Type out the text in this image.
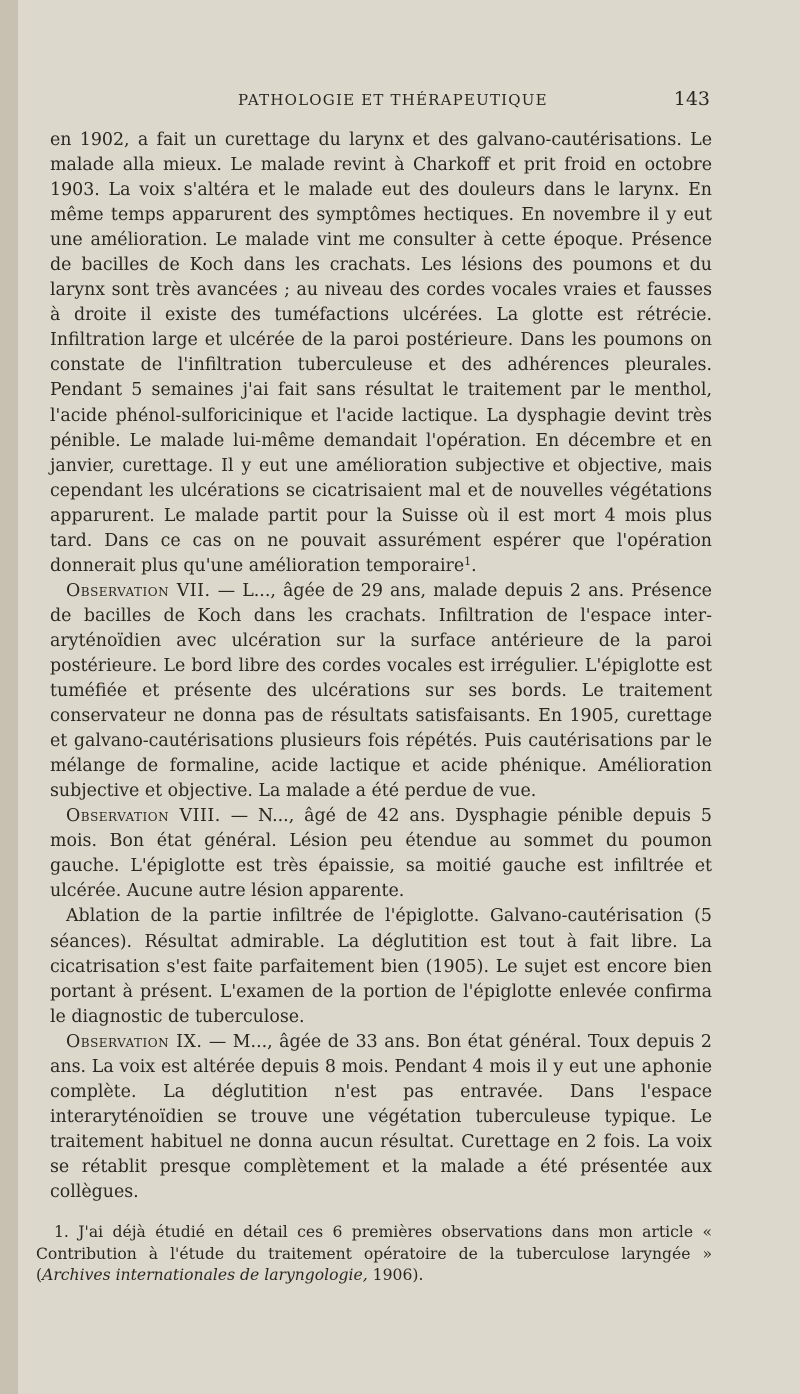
PATHOLOGIE ET THÉRAPEUTIQUE	143

en 1902, a fait un curettage du larynx et des galvano-cautérisations. Le malade alla mieux. Le malade revint à Charkoff et prit froid en octobre 1903. La voix s'altéra et le malade eut des douleurs dans le larynx. En même temps apparurent des symptômes hectiques. En novembre il y eut une amélioration. Le malade vint me consulter à cette époque. Présence de bacilles de Koch dans les crachats. Les lésions des poumons et du larynx sont très avancées ; au niveau des cordes vocales vraies et fausses à droite il existe des tuméfactions ulcérées. La glotte est rétrécie. Infiltration large et ulcérée de la paroi postérieure. Dans les poumons on constate de l'infiltration tuberculeuse et des adhérences pleurales. Pendant 5 semaines j'ai fait sans résultat le traitement par le menthol, l'acide phénol-sulforicinique et l'acide lactique. La dysphagie devint très pénible. Le malade lui-même demandait l'opération. En décembre et en janvier, curettage. Il y eut une amélioration subjective et objective, mais cependant les ulcérations se cicatrisaient mal et de nouvelles végétations apparurent. Le malade partit pour la Suisse où il est mort 4 mois plus tard. Dans ce cas on ne pouvait assurément espérer que l'opération donnerait plus qu'une amélioration temporaire$^1$.

Observation VII. — L..., âgée de 29 ans, malade depuis 2 ans. Présence de bacilles de Koch dans les crachats. Infiltration de l'espace inter-aryténoïdien avec ulcération sur la surface antérieure de la paroi postérieure. Le bord libre des cordes vocales est irrégulier. L'épiglotte est tuméfiée et présente des ulcérations sur ses bords. Le traitement conservateur ne donna pas de résultats satisfaisants. En 1905, curettage et galvano-cautérisations plusieurs fois répétés. Puis cautérisations par le mélange de formaline, acide lactique et acide phénique. Amélioration subjective et objective. La malade a été perdue de vue.

Observation VIII. — N..., âgé de 42 ans. Dysphagie pénible depuis 5 mois. Bon état général. Lésion peu étendue au sommet du poumon gauche. L'épiglotte est très épaissie, sa moitié gauche est infiltrée et ulcérée. Aucune autre lésion apparente.

Ablation de la partie infiltrée de l'épiglotte. Galvano-cautérisation (5 séances). Résultat admirable. La déglutition est tout à fait libre. La cicatrisation s'est faite parfaitement bien (1905). Le sujet est encore bien portant à présent. L'examen de la portion de l'épiglotte enlevée confirma le diagnostic de tuberculose.

Observation IX. — M..., âgée de 33 ans. Bon état général. Toux depuis 2 ans. La voix est altérée depuis 8 mois. Pendant 4 mois il y eut une aphonie complète. La déglutition n'est pas entravée. Dans l'espace interaryténoïdien se trouve une végétation tuberculeuse typique. Le traitement habituel ne donna aucun résultat. Curettage en 2 fois. La voix se rétablit presque complètement et la malade a été présentée aux collègues.

1. J'ai déjà étudié en détail ces 6 premières observations dans mon article « Contribution à l'étude du traitement opératoire de la tuberculose laryngée » (Archives internationales de laryngologie, 1906).
